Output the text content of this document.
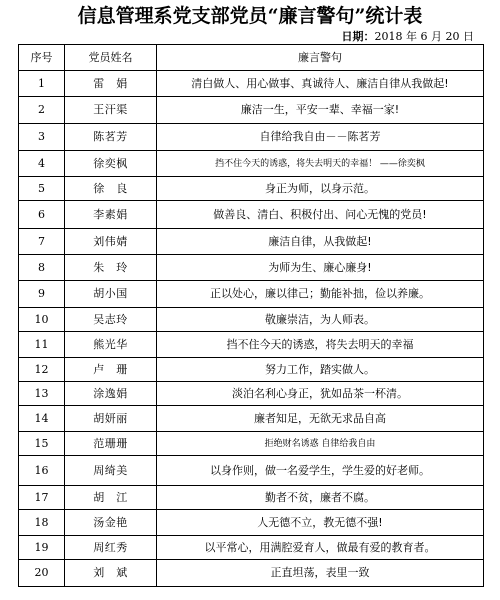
信息管理系党支部党员“廉言警句”统计表
日期：2018 年 6 月 20 日
序号	党员姓名	廉言警句
1	雷　娟	清白做人、用心做事、真诚待人、廉洁自律从我做起!
2	王汗渠	廉洁一生，平安一辈、幸福一家!
3	陈茗芳	自律给我自由－－陈茗芳
4	徐奕枫	挡不住今天的诱惑，将失去明天的幸福！ ——徐奕枫
5	徐　良	身正为师，以身示范。
6	李素娟	做善良、清白、积极付出、问心无愧的党员!
7	刘伟婧	廉洁自律，从我做起!
8	朱　玲	为师为生、廉心廉身!
9	胡小国	正以处心，廉以律己；勤能补拙，俭以养廉。
10	吴志玲	敬廉崇洁，为人师表。
11	熊光华	挡不住今天的诱惑，将失去明天的幸福
12	卢　珊	努力工作，踏实做人。
13	涂逸娟	淡泊名利心身正，犹如品茶一杯清。
14	胡妍丽	廉者知足，无欲无求品自高
15	范珊珊	拒绝财名诱惑 自律给我自由
16	周绮美	以身作则，做一名爱学生，学生爱的好老师。
17	胡　江	勤者不贫，廉者不腐。
18	汤金艳	人无德不立，教无德不强!
19	周红秀	以平常心，用满腔爱育人，做最有爱的教育者。
20	刘　斌	正直坦荡，表里一致
